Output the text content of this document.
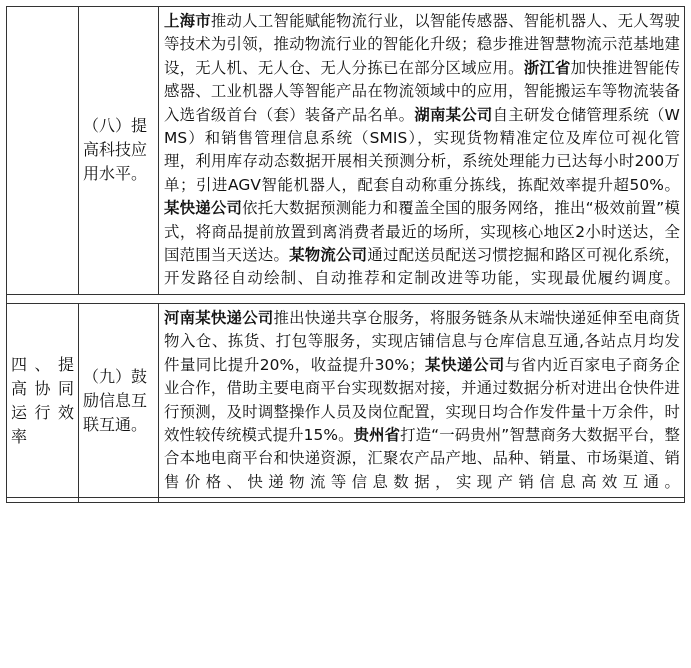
	（八）提高科技应用水平。	上海市推动人工智能赋能物流行业，以智能传感器、智能机器人、无人驾驶等技术为引领，推动物流行业的智能化升级；稳步推进智慧物流示范基地建设，无人机、无人仓、无人分拣已在部分区域应用。浙江省加快推进智能传感器、工业机器人等智能产品在物流领域中的应用，智能搬运车等物流装备入选省级首台（套）装备产品名单。湖南某公司自主研发仓储管理系统（WMS）和销售管理信息系统（SMIS），实现货物精准定位及库位可视化管理，利用库存动态数据开展相关预测分析，系统处理能力已达每小时200万单；引进AGV智能机器人，配套自动称重分拣线，拣配效率提升超50%。某快递公司依托大数据预测能力和覆盖全国的服务网络，推出“极效前置”模式，将商品提前放置到离消费者最近的场所，实现核心地区2小时送达，全国范围当天送达。某物流公司通过配送员配送习惯挖掘和路区可视化系统，开发路径自动绘制、自动推荐和定制改进等功能，实现最优履约调度。

四、提高协同运行效率	（九）鼓励信息互联互通。	河南某快递公司推出快递共享仓服务，将服务链条从末端快递延伸至电商货物入仓、拣货、打包等服务，实现店铺信息与仓库信息互通,各站点月均发件量同比提升20%，收益提升30%；某快递公司与省内近百家电子商务企业合作，借助主要电商平台实现数据对接，并通过数据分析对进出仓快件进行预测，及时调整操作人员及岗位配置，实现日均合作发件量十万余件，时效性较传统模式提升15%。贵州省打造“一码贵州”智慧商务大数据平台，整合本地电商平台和快递资源，汇聚农产品产地、品种、销量、市场渠道、销售价格、快递物流等信息数据，实现产销信息高效互通。
